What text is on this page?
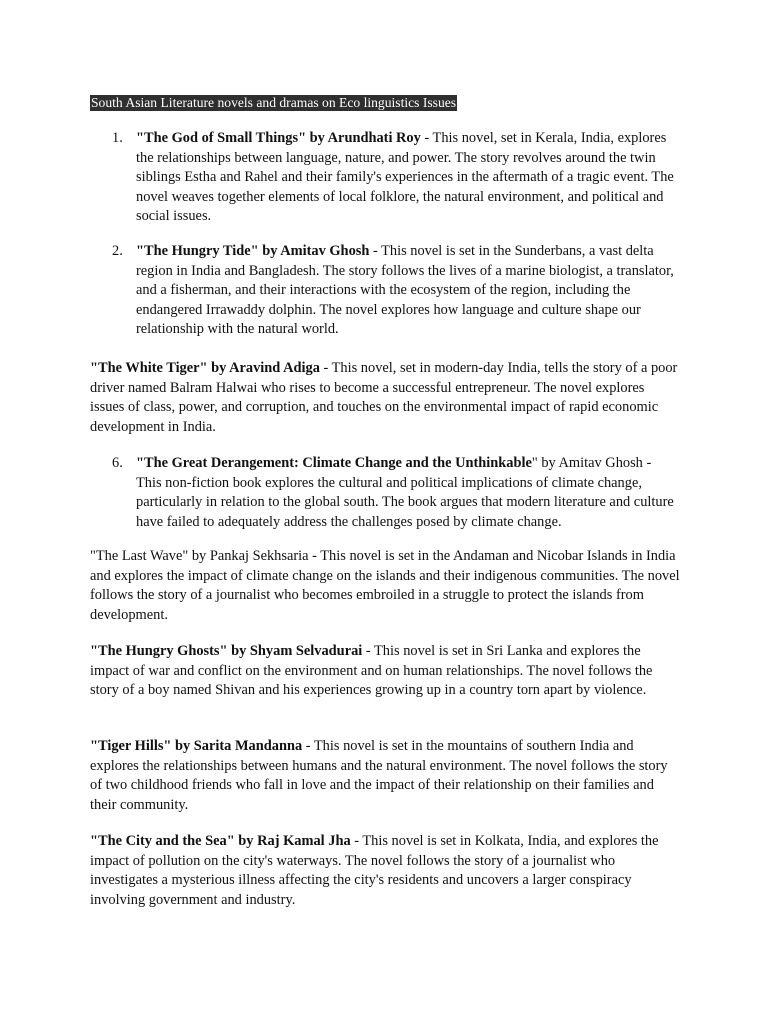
South Asian Literature novels and dramas on Eco linguistics Issues
1. "The God of Small Things" by Arundhati Roy - This novel, set in Kerala, India, explores the relationships between language, nature, and power. The story revolves around the twin siblings Estha and Rahel and their family's experiences in the aftermath of a tragic event. The novel weaves together elements of local folklore, the natural environment, and political and social issues.
2. "The Hungry Tide" by Amitav Ghosh - This novel is set in the Sunderbans, a vast delta region in India and Bangladesh. The story follows the lives of a marine biologist, a translator, and a fisherman, and their interactions with the ecosystem of the region, including the endangered Irrawaddy dolphin. The novel explores how language and culture shape our relationship with the natural world.
"The White Tiger" by Aravind Adiga - This novel, set in modern-day India, tells the story of a poor driver named Balram Halwai who rises to become a successful entrepreneur. The novel explores issues of class, power, and corruption, and touches on the environmental impact of rapid economic development in India.
6. "The Great Derangement: Climate Change and the Unthinkable" by Amitav Ghosh - This non-fiction book explores the cultural and political implications of climate change, particularly in relation to the global south. The book argues that modern literature and culture have failed to adequately address the challenges posed by climate change.
"The Last Wave" by Pankaj Sekhsaria - This novel is set in the Andaman and Nicobar Islands in India and explores the impact of climate change on the islands and their indigenous communities. The novel follows the story of a journalist who becomes embroiled in a struggle to protect the islands from development.
"The Hungry Ghosts" by Shyam Selvadurai - This novel is set in Sri Lanka and explores the impact of war and conflict on the environment and on human relationships. The novel follows the story of a boy named Shivan and his experiences growing up in a country torn apart by violence.
"Tiger Hills" by Sarita Mandanna - This novel is set in the mountains of southern India and explores the relationships between humans and the natural environment. The novel follows the story of two childhood friends who fall in love and the impact of their relationship on their families and their community.
"The City and the Sea" by Raj Kamal Jha - This novel is set in Kolkata, India, and explores the impact of pollution on the city's waterways. The novel follows the story of a journalist who investigates a mysterious illness affecting the city's residents and uncovers a larger conspiracy involving government and industry.
